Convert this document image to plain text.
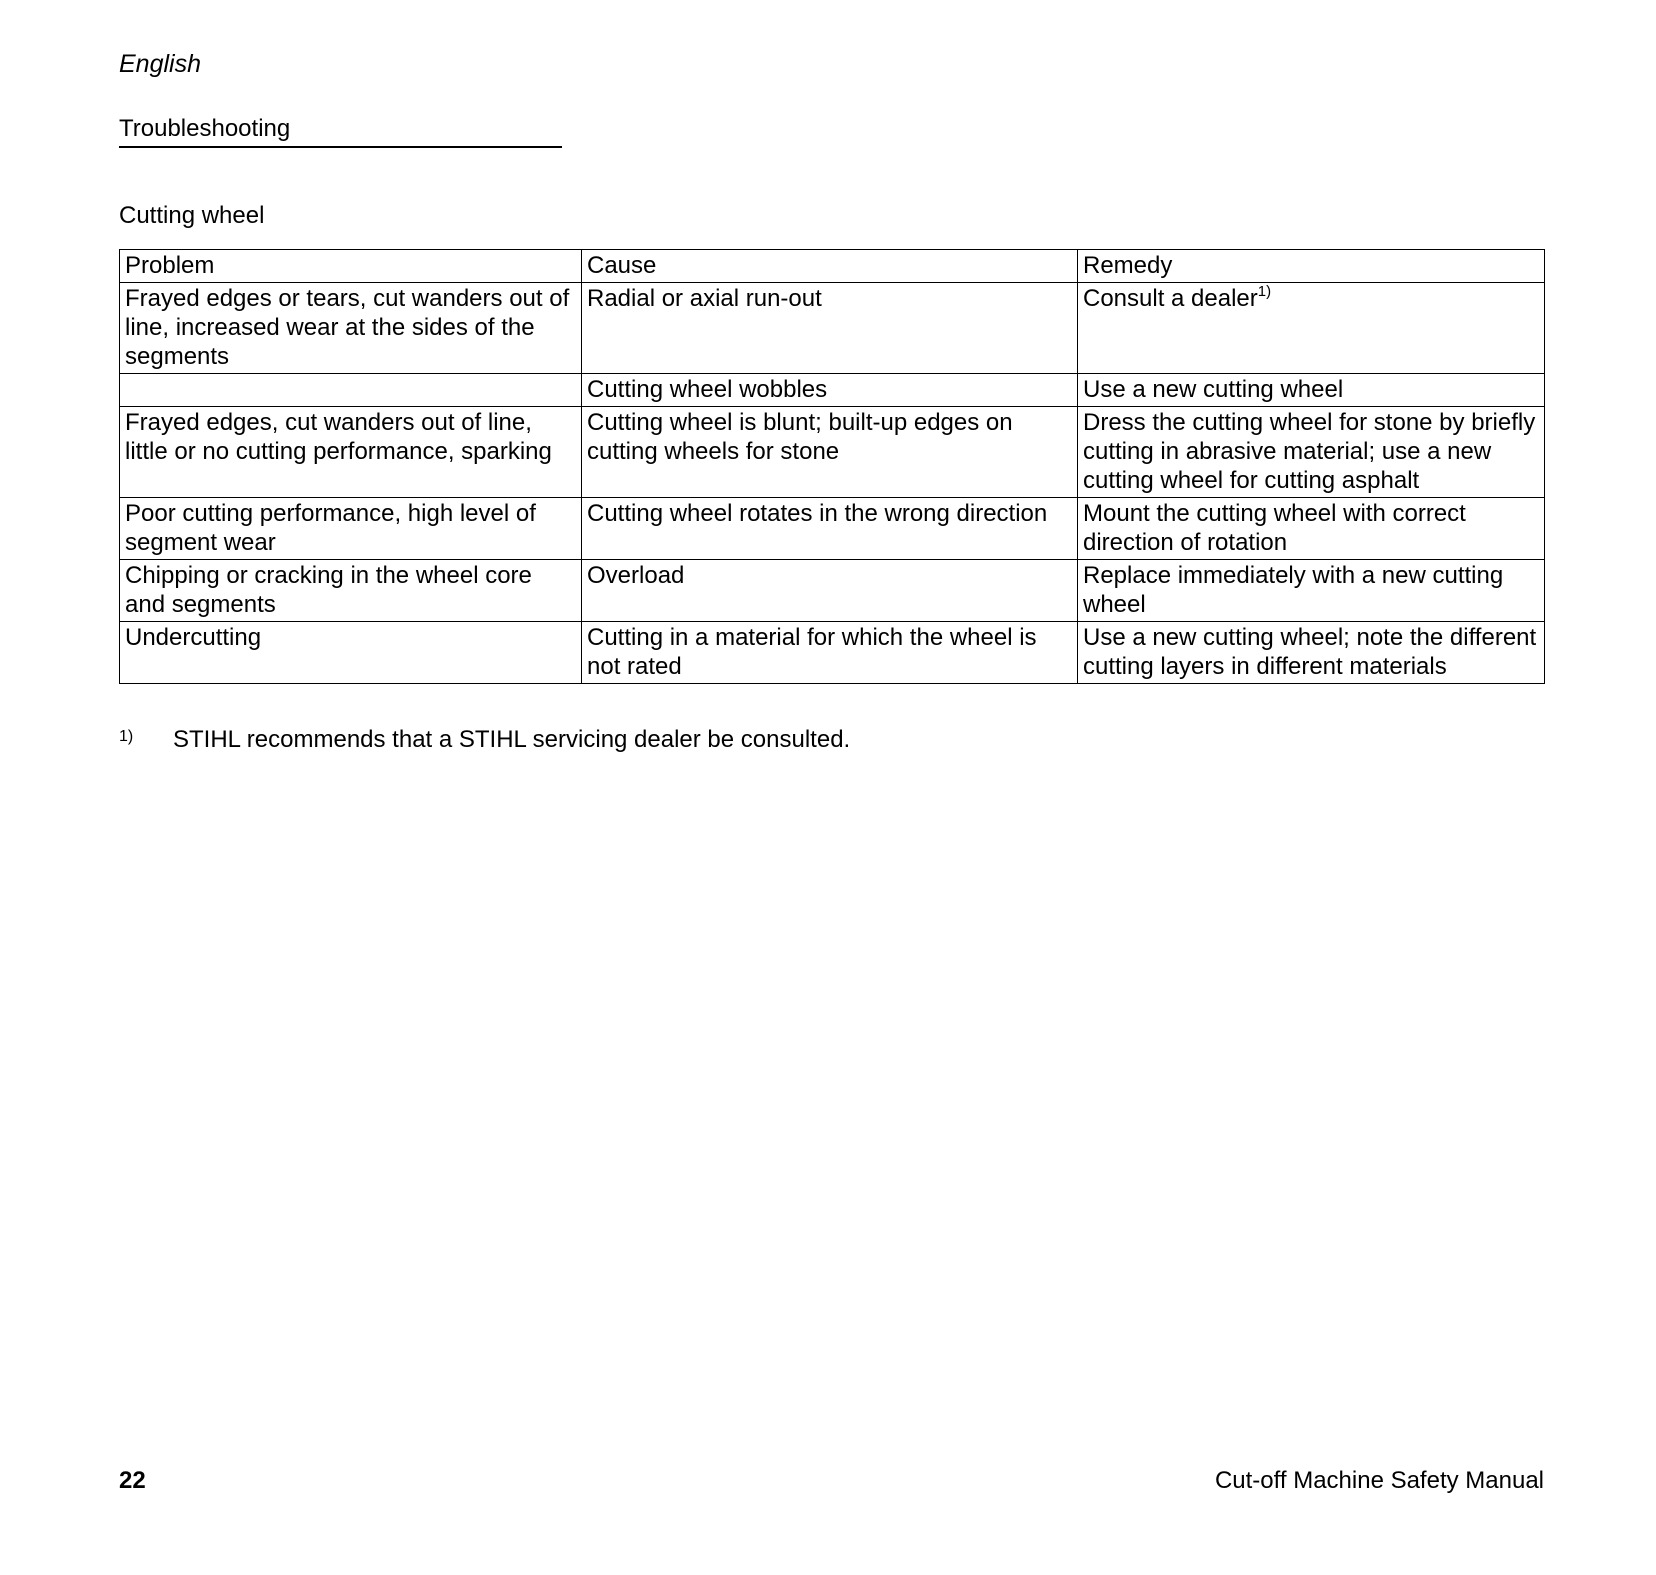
English
Troubleshooting
Cutting wheel
Problem	Cause	Remedy
Frayed edges or tears, cut wanders out of line, increased wear at the sides of the segments	Radial or axial run-out	Consult a dealer$^{1)}$
	Cutting wheel wobbles	Use a new cutting wheel
Frayed edges, cut wanders out of line, little or no cutting performance, sparking	Cutting wheel is blunt; built-up edges on cutting wheels for stone	Dress the cutting wheel for stone by briefly cutting in abrasive material; use a new cutting wheel for cutting asphalt
Poor cutting performance, high level of segment wear	Cutting wheel rotates in the wrong direction	Mount the cutting wheel with correct direction of rotation
Chipping or cracking in the wheel core and segments	Overload	Replace immediately with a new cutting wheel
Undercutting	Cutting in a material for which the wheel is not rated	Use a new cutting wheel; note the different cutting layers in different materials
1) STIHL recommends that a STIHL servicing dealer be consulted.
22	Cut-off Machine Safety Manual
